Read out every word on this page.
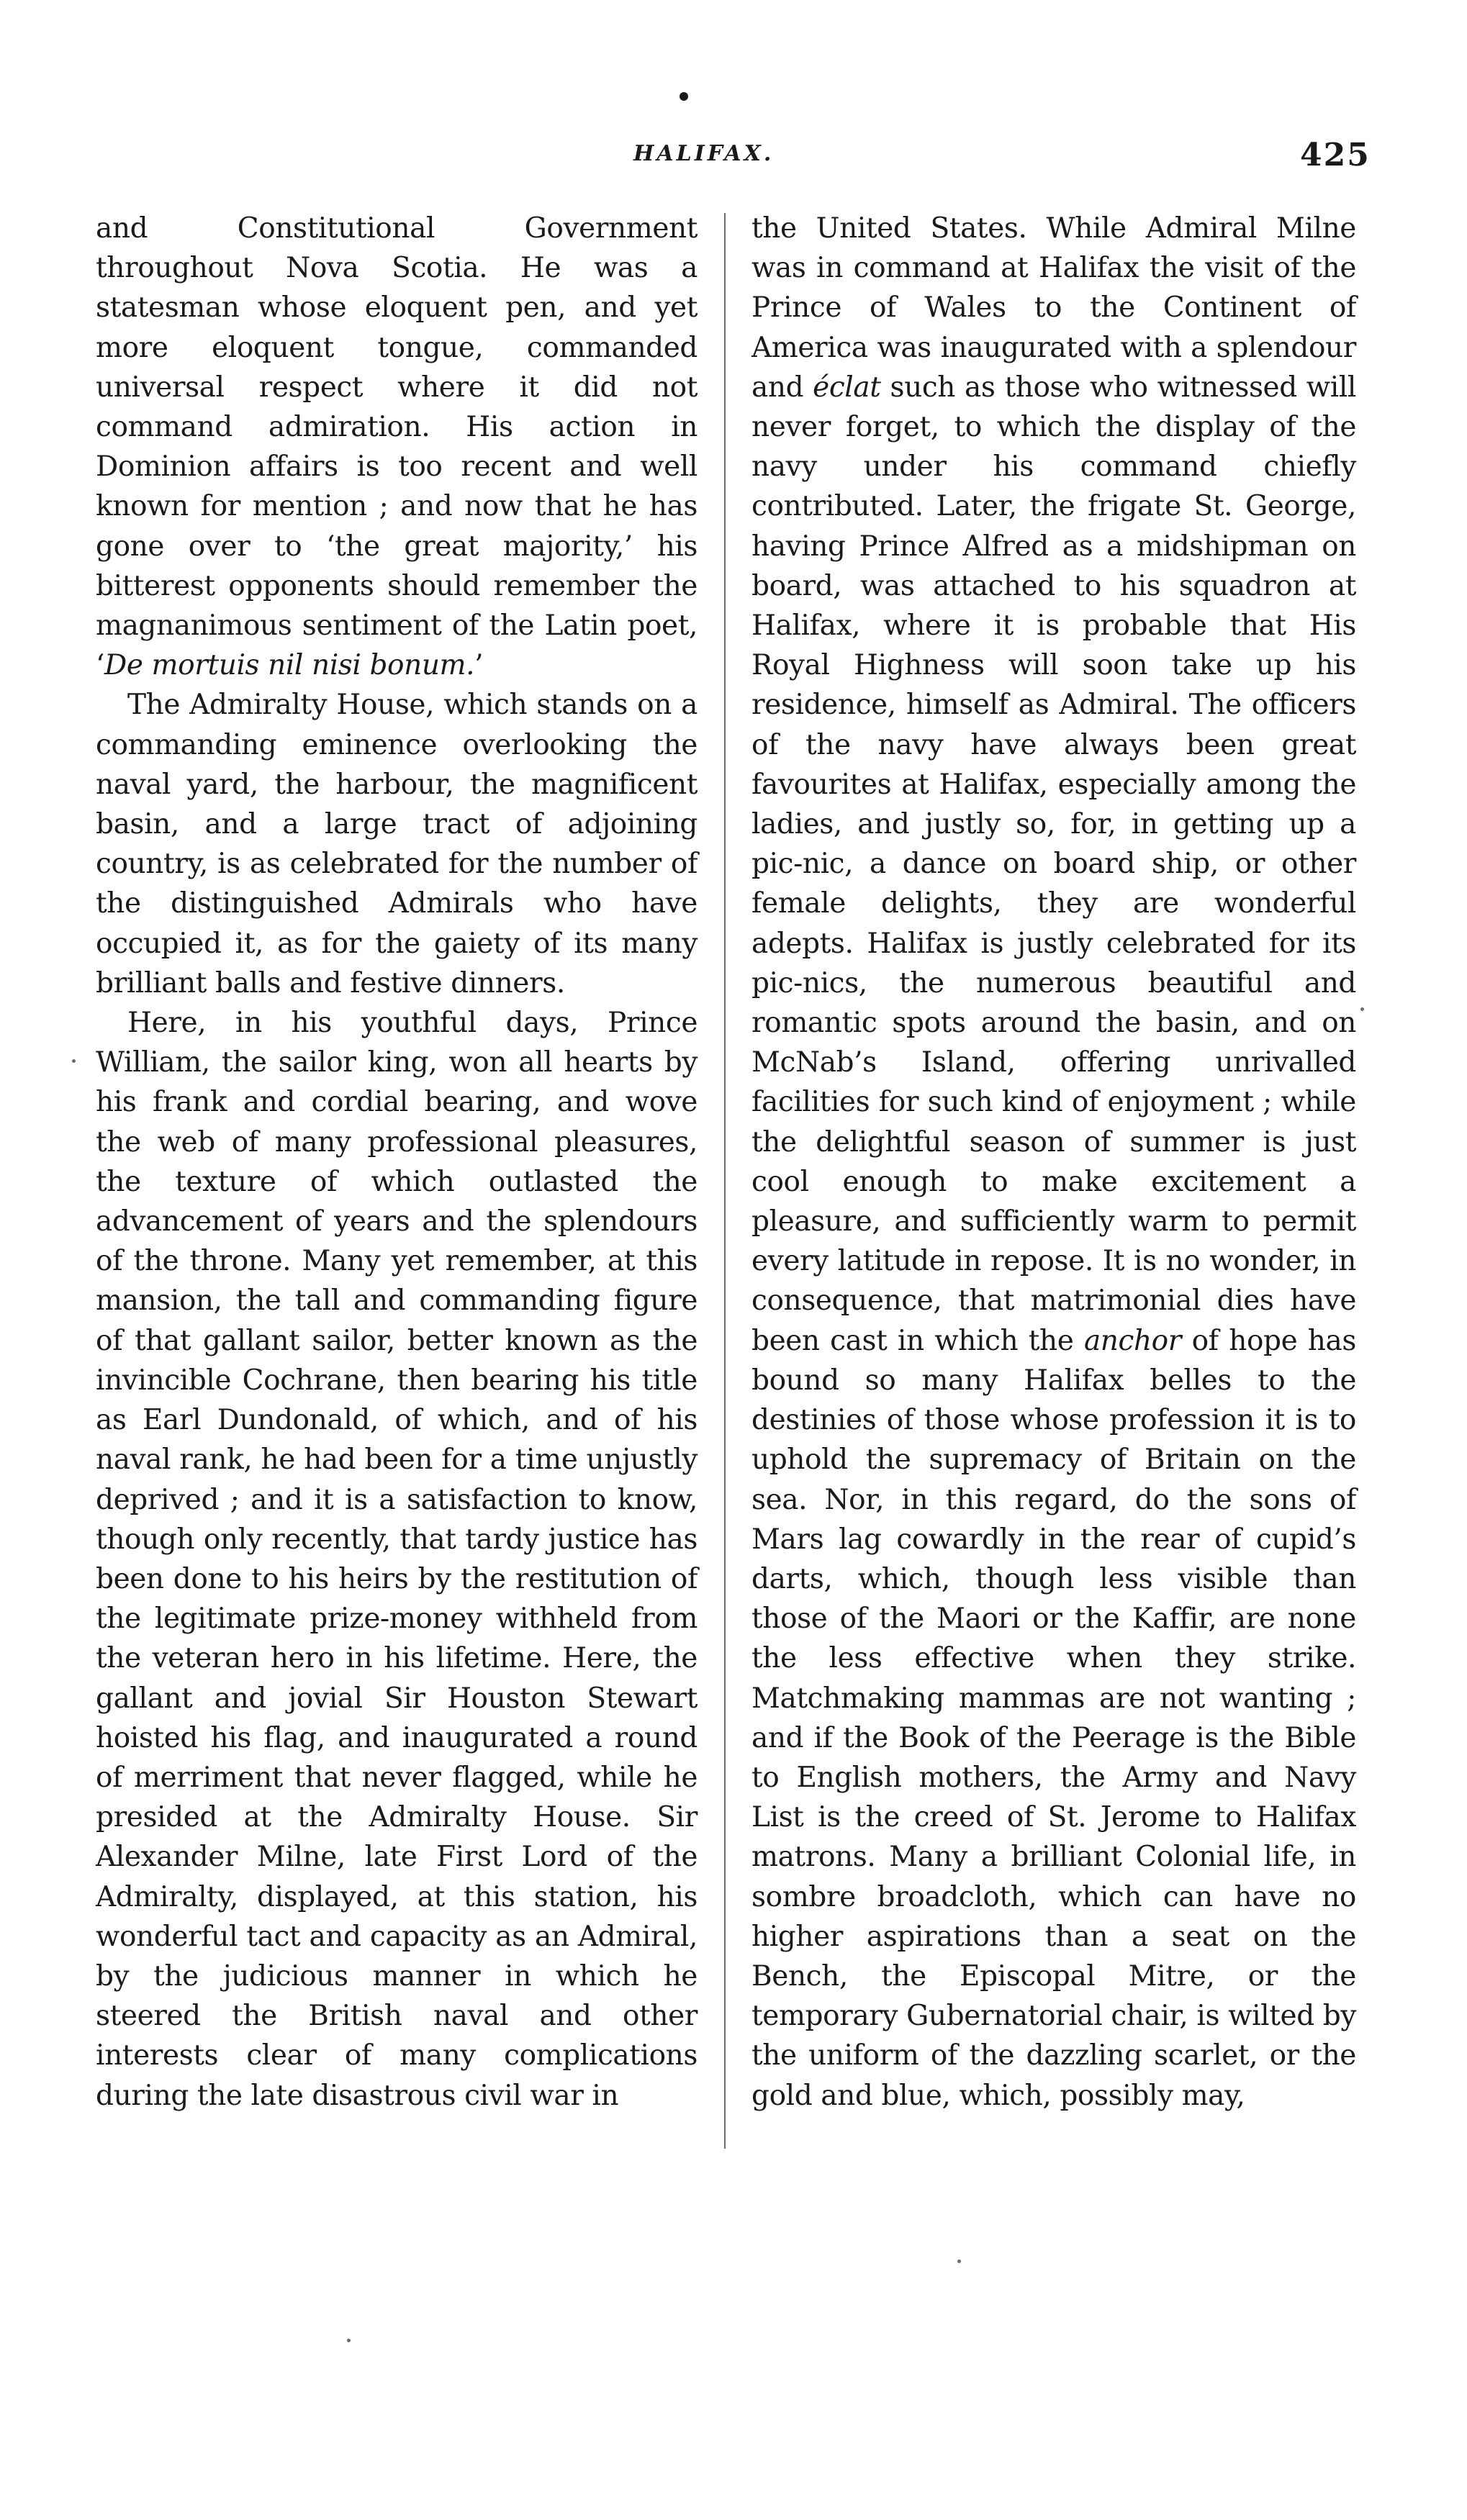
HALIFAX.	425

and Constitutional Government throughout Nova Scotia. He was a statesman whose eloquent pen, and yet more eloquent tongue, commanded universal respect where it did not command admiration. His action in Dominion affairs is too recent and well known for mention ; and now that he has gone over to ‘the great majority,’ his bitterest opponents should remember the magnanimous sentiment of the Latin poet, ‘De mortuis nil nisi bonum.’

The Admiralty House, which stands on a commanding eminence overlooking the naval yard, the harbour, the magnificent basin, and a large tract of adjoining country, is as celebrated for the number of the distinguished Admirals who have occupied it, as for the gaiety of its many brilliant balls and festive dinners.

Here, in his youthful days, Prince William, the sailor king, won all hearts by his frank and cordial bearing, and wove the web of many professional pleasures, the texture of which outlasted the advancement of years and the splendours of the throne. Many yet remember, at this mansion, the tall and commanding figure of that gallant sailor, better known as the invincible Cochrane, then bearing his title as Earl Dundonald, of which, and of his naval rank, he had been for a time unjustly deprived ; and it is a satisfaction to know, though only recently, that tardy justice has been done to his heirs by the restitution of the legitimate prize-money withheld from the veteran hero in his lifetime. Here, the gallant and jovial Sir Houston Stewart hoisted his flag, and inaugurated a round of merriment that never flagged, while he presided at the Admiralty House. Sir Alexander Milne, late First Lord of the Admiralty, displayed, at this station, his wonderful tact and capacity as an Admiral, by the judicious manner in which he steered the British naval and other interests clear of many complications during the late disastrous civil war in

the United States. While Admiral Milne was in command at Halifax the visit of the Prince of Wales to the Continent of America was inaugurated with a splendour and éclat such as those who witnessed will never forget, to which the display of the navy under his command chiefly contributed. Later, the frigate St. George, having Prince Alfred as a midshipman on board, was attached to his squadron at Halifax, where it is probable that His Royal Highness will soon take up his residence, himself as Admiral. The officers of the navy have always been great favourites at Halifax, especially among the ladies, and justly so, for, in getting up a pic-nic, a dance on board ship, or other female delights, they are wonderful adepts. Halifax is justly celebrated for its pic-nics, the numerous beautiful and romantic spots around the basin, and on McNab’s Island, offering unrivalled facilities for such kind of enjoyment ; while the delightful season of summer is just cool enough to make excitement a pleasure, and sufficiently warm to permit every latitude in repose. It is no wonder, in consequence, that matrimonial dies have been cast in which the anchor of hope has bound so many Halifax belles to the destinies of those whose profession it is to uphold the supremacy of Britain on the sea. Nor, in this regard, do the sons of Mars lag cowardly in the rear of cupid’s darts, which, though less visible than those of the Maori or the Kaffir, are none the less effective when they strike. Matchmaking mammas are not wanting ; and if the Book of the Peerage is the Bible to English mothers, the Army and Navy List is the creed of St. Jerome to Halifax matrons. Many a brilliant Colonial life, in sombre broadcloth, which can have no higher aspirations than a seat on the Bench, the Episcopal Mitre, or the temporary Gubernatorial chair, is wilted by the uniform of the dazzling scarlet, or the gold and blue, which, possibly may,
